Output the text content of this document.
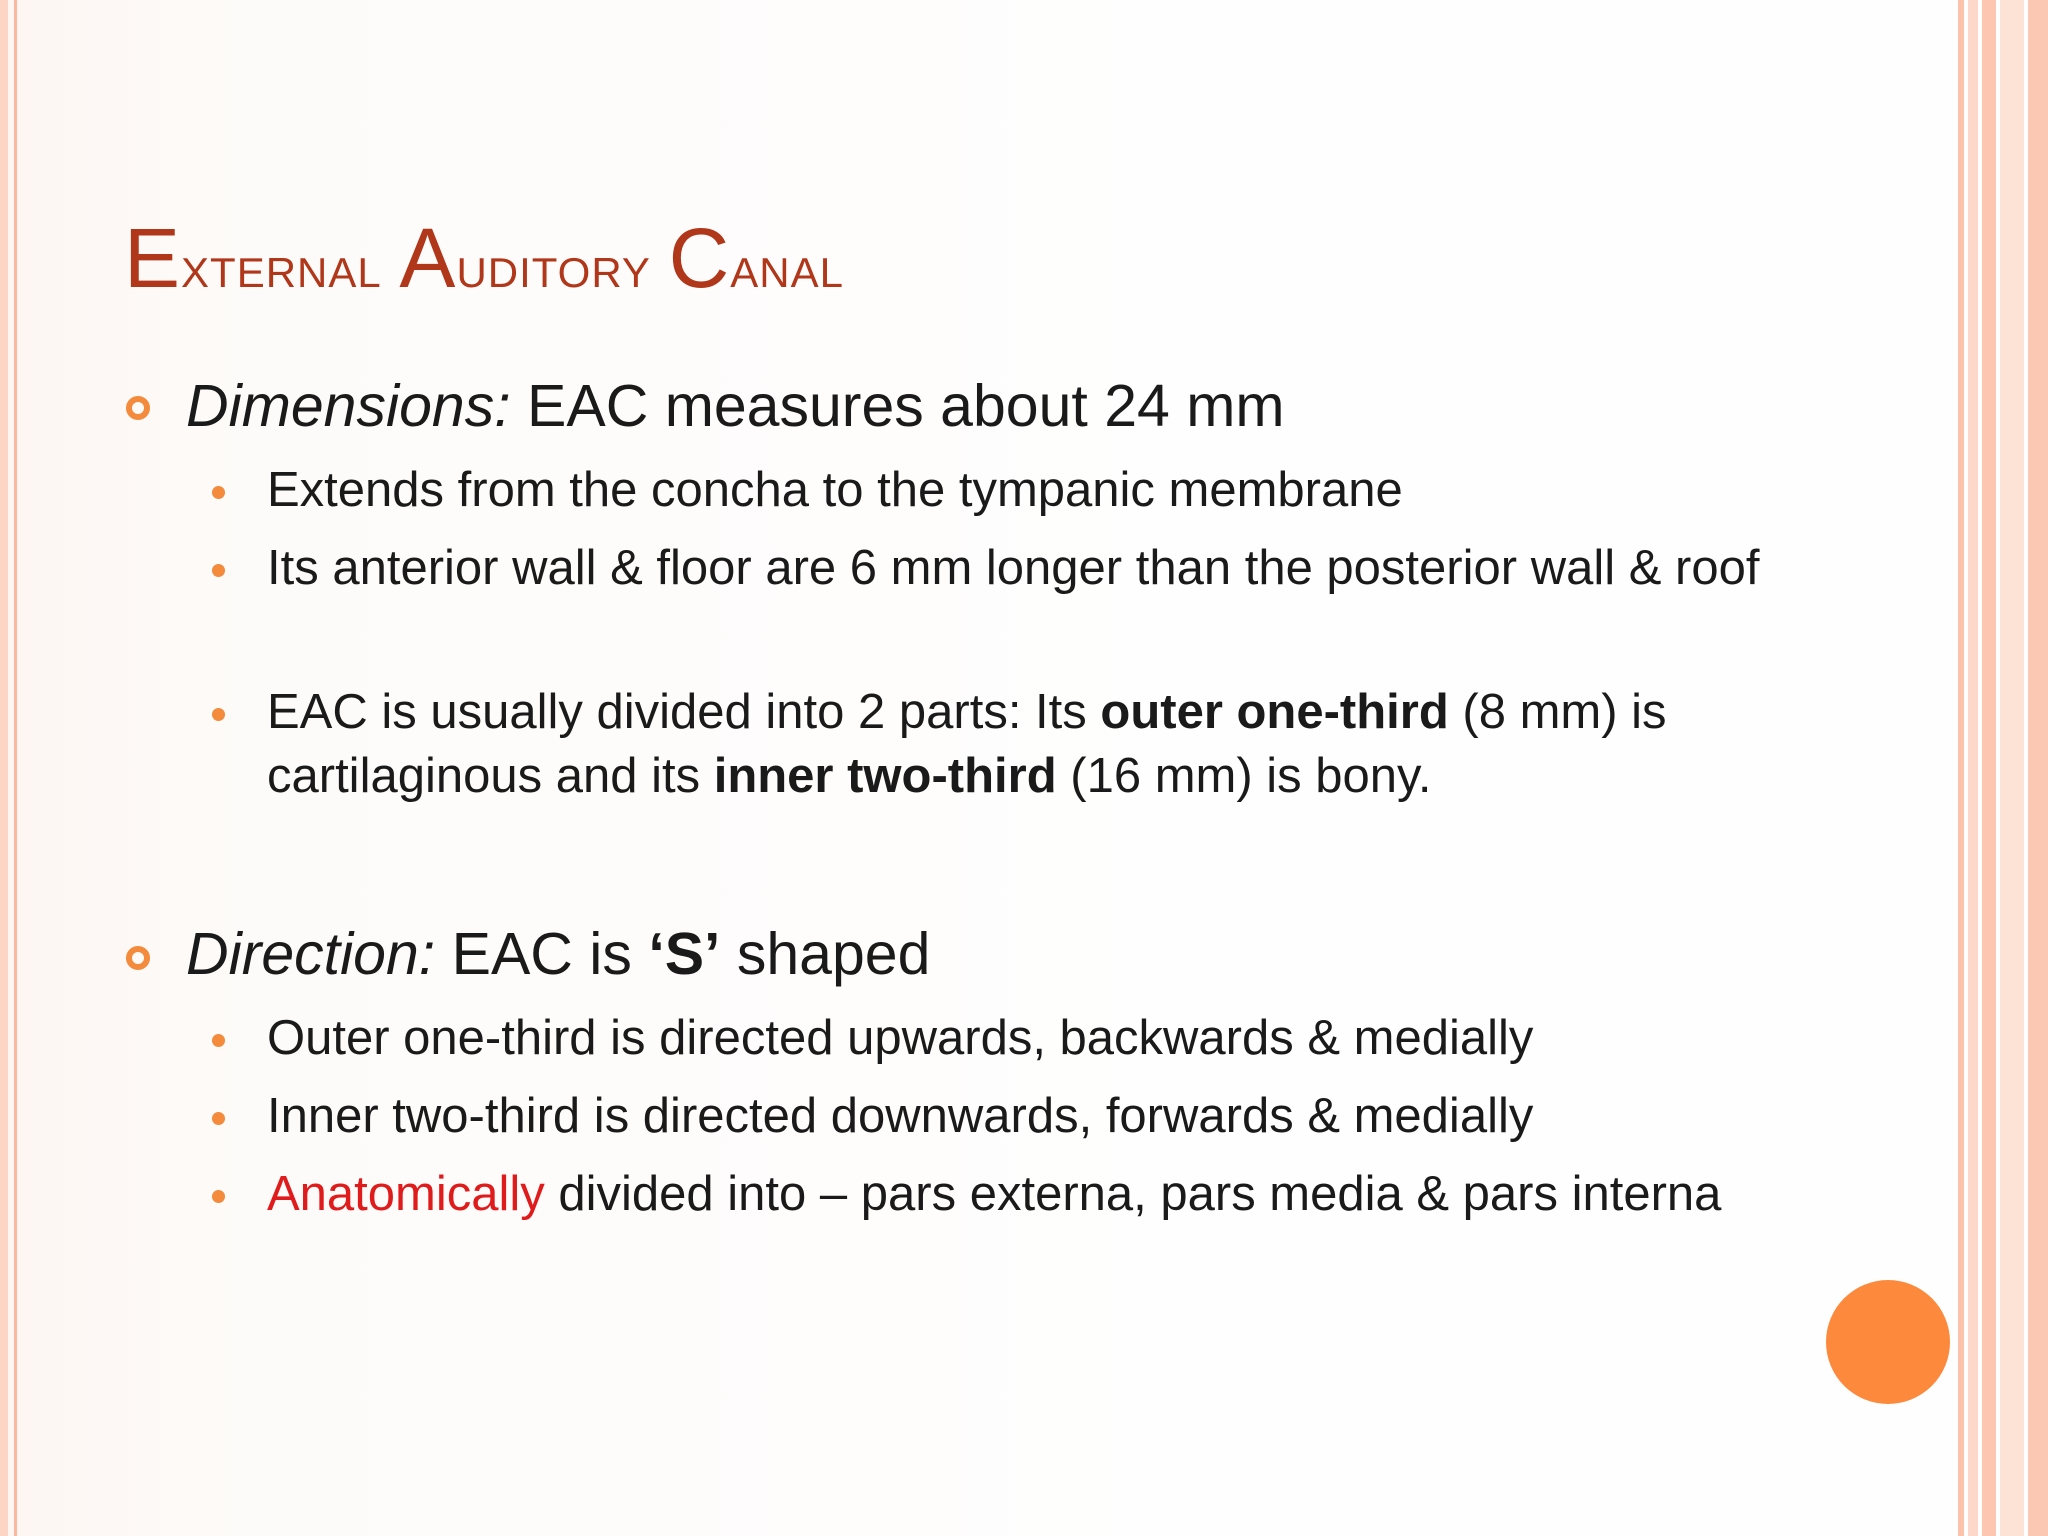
External Auditory Canal
Dimensions: EAC measures about 24 mm
Extends from the concha to the tympanic membrane
Its anterior wall & floor are 6 mm longer than the posterior wall & roof
EAC is usually divided into 2 parts: Its outer one-third (8 mm) is cartilaginous and its inner two-third (16 mm) is bony.
Direction: EAC is ‘S’ shaped
Outer one-third is directed upwards, backwards & medially
Inner two-third is directed downwards, forwards & medially
Anatomically divided into – pars externa, pars media & pars interna
